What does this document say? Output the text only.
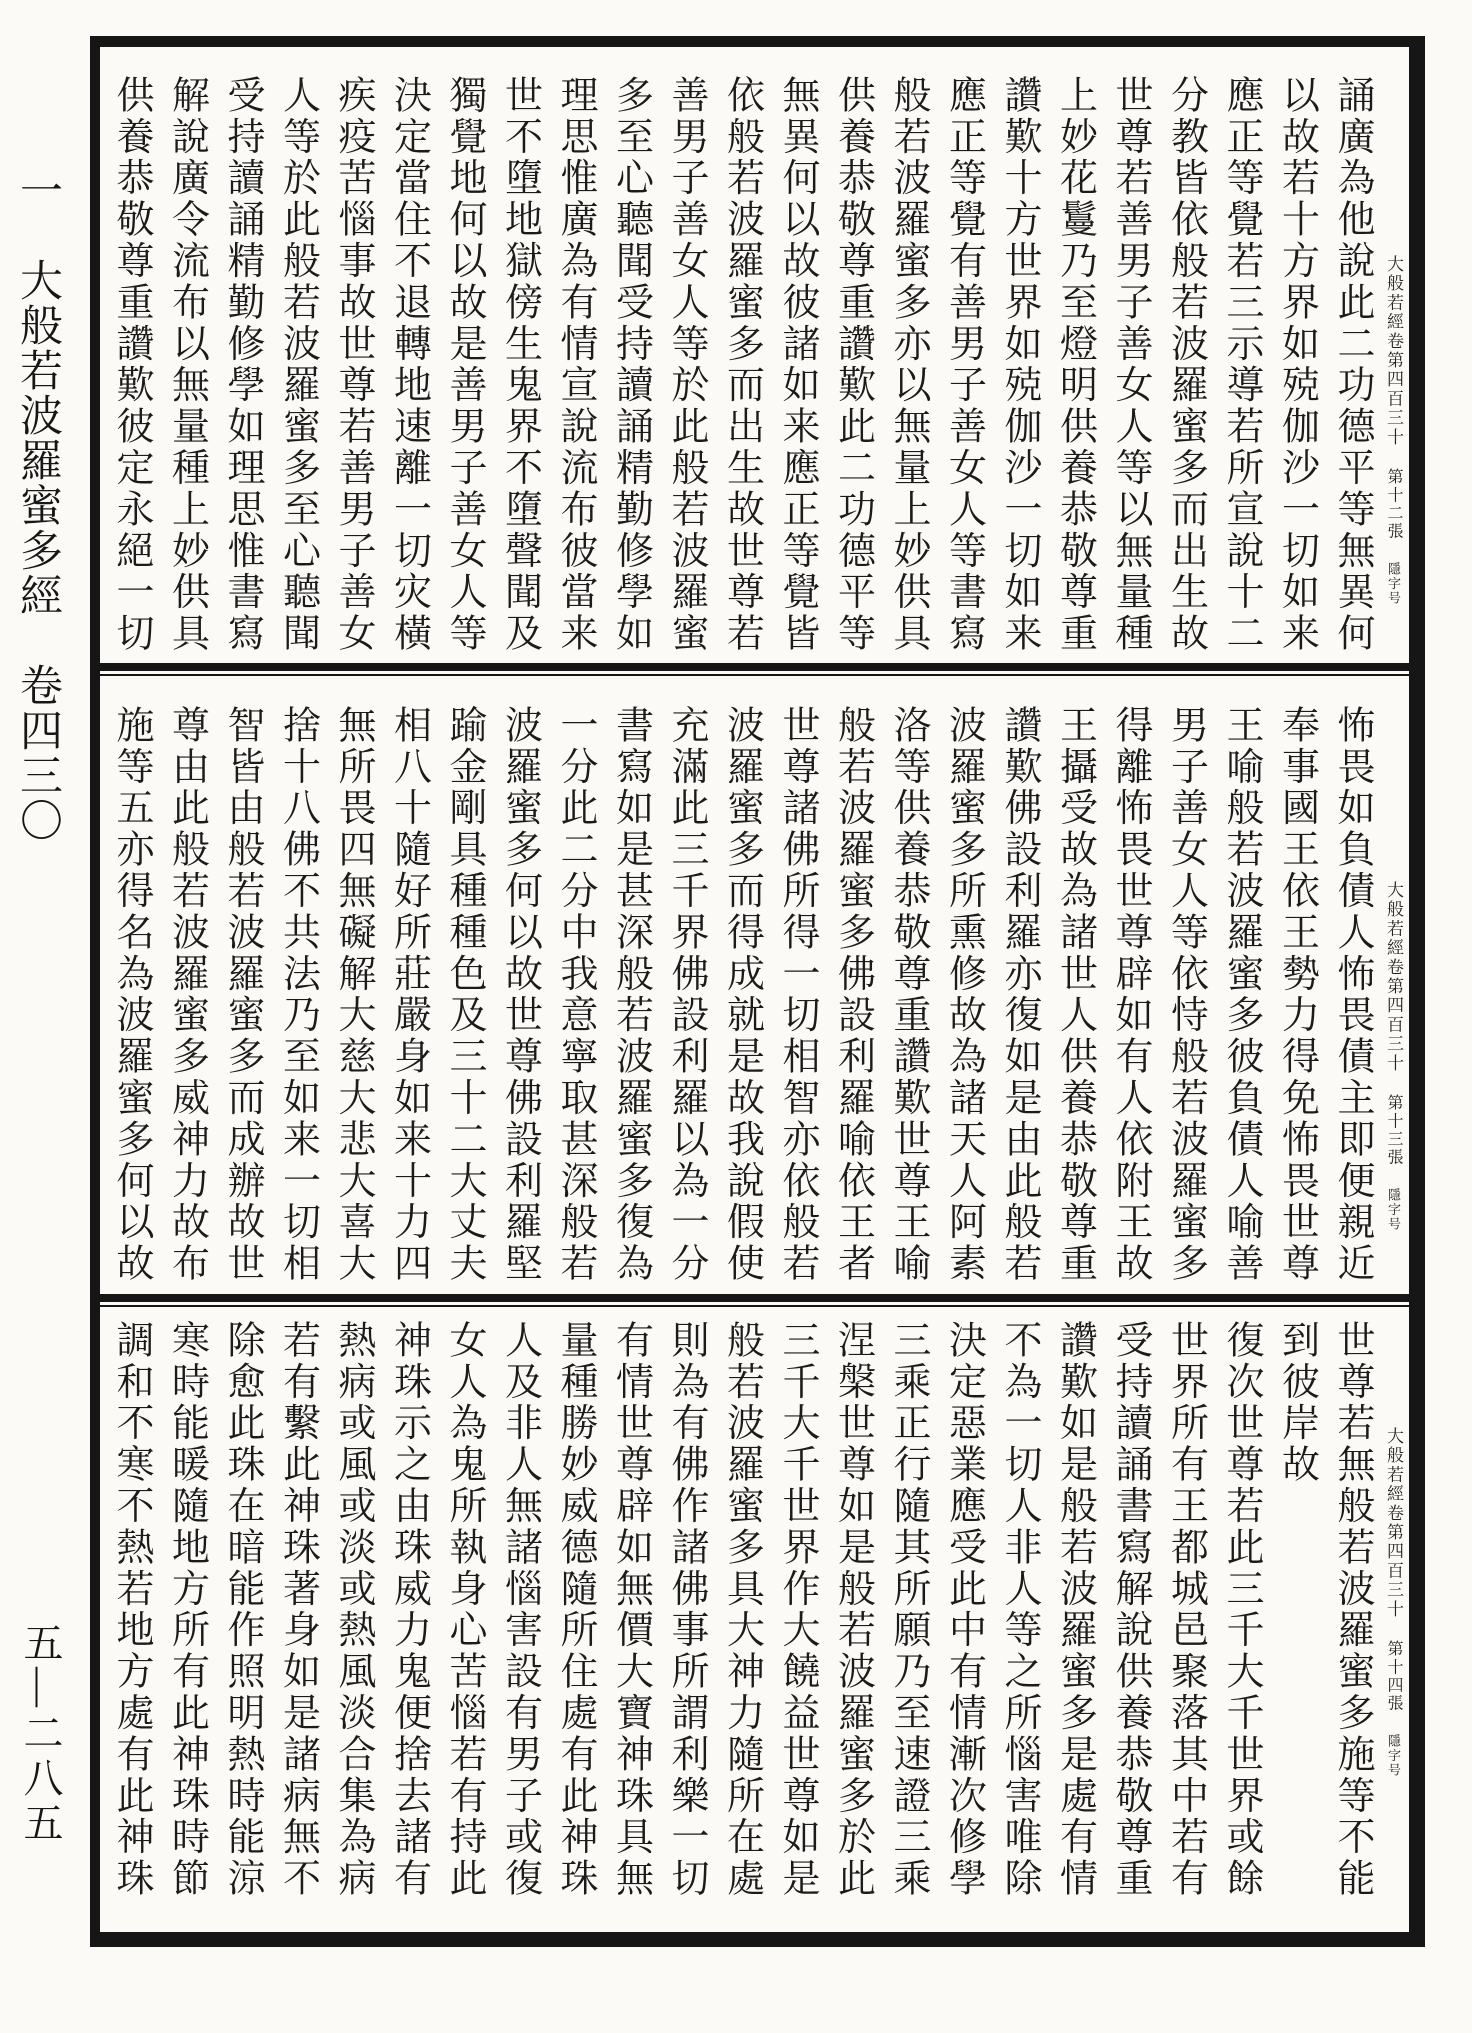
一　大般若波羅蜜多經　卷四三〇
五—二八五
誦廣為他說此二功德平等無異何
以故若十方界如殑伽沙一切如来
應正等覺若三示導若所宣說十二
分教皆依般若波羅蜜多而出生故
世尊若善男子善女人等以無量種
上妙花鬘乃至燈明供養恭敬尊重
讚歎十方世界如殑伽沙一切如来
應正等覺有善男子善女人等書寫
般若波羅蜜多亦以無量上妙供具
供養恭敬尊重讚歎此二功德平等
無異何以故彼諸如来應正等覺皆
依般若波羅蜜多而出生故世尊若
善男子善女人等於此般若波羅蜜
多至心聽聞受持讀誦精勤修學如
理思惟廣為有情宣說流布彼當来
世不墮地獄傍生鬼界不墮聲聞及
獨覺地何以故是善男子善女人等
決定當住不退轉地速離一切灾橫
疾疫苦惱事故世尊若善男子善女
人等於此般若波羅蜜多至心聽聞
受持讀誦精勤修學如理思惟書寫
解說廣令流布以無量種上妙供具
供養恭敬尊重讚歎彼定永絕一切	大般若經卷第四百三十 第十二張 隱字号
怖畏如負債人怖畏債主即便親近
奉事國王依王勢力得免怖畏世尊
王喻般若波羅蜜多彼負債人喻善
男子善女人等依恃般若波羅蜜多
得離怖畏世尊辟如有人依附王故
王攝受故為諸世人供養恭敬尊重
讚歎佛設利羅亦復如是由此般若
波羅蜜多所熏修故為諸天人阿素
洛等供養恭敬尊重讚歎世尊王喻
般若波羅蜜多佛設利羅喻依王者
世尊諸佛所得一切相智亦依般若
波羅蜜多而得成就是故我說假使
充滿此三千界佛設利羅以為一分
書寫如是甚深般若波羅蜜多復為
一分此二分中我意寧取甚深般若
波羅蜜多何以故世尊佛設利羅堅
踰金剛具種種色及三十二大丈夫
相八十隨好所莊嚴身如来十力四
無所畏四無礙解大慈大悲大喜大
捨十八佛不共法乃至如来一切相
智皆由般若波羅蜜多而成辦故世
尊由此般若波羅蜜多威神力故布
施等五亦得名為波羅蜜多何以故	大般若經卷第四百三十 第十三張 隱字号
世尊若無般若波羅蜜多施等不能
到彼岸故
復次世尊若此三千大千世界或餘
世界所有王都城邑聚落其中若有
受持讀誦書寫解說供養恭敬尊重
讚歎如是般若波羅蜜多是處有情
不為一切人非人等之所惱害唯除
決定惡業應受此中有情漸次修學
三乘正行隨其所願乃至速證三乘
涅槃世尊如是般若波羅蜜多於此
三千大千世界作大饒益世尊如是
般若波羅蜜多具大神力隨所在處
則為有佛作諸佛事所謂利樂一切
有情世尊辟如無價大寶神珠具無
量種勝妙威德隨所住處有此神珠
人及非人無諸惱害設有男子或復
女人為鬼所執身心苦惱若有持此
神珠示之由珠威力鬼便捨去諸有
熱病或風或淡或熱風淡合集為病
若有繫此神珠著身如是諸病無不
除愈此珠在暗能作照明熱時能涼
寒時能暖隨地方所有此神珠時節
調和不寒不熱若地方處有此神珠	大般若經卷第四百三十 第十四張 隱字号
